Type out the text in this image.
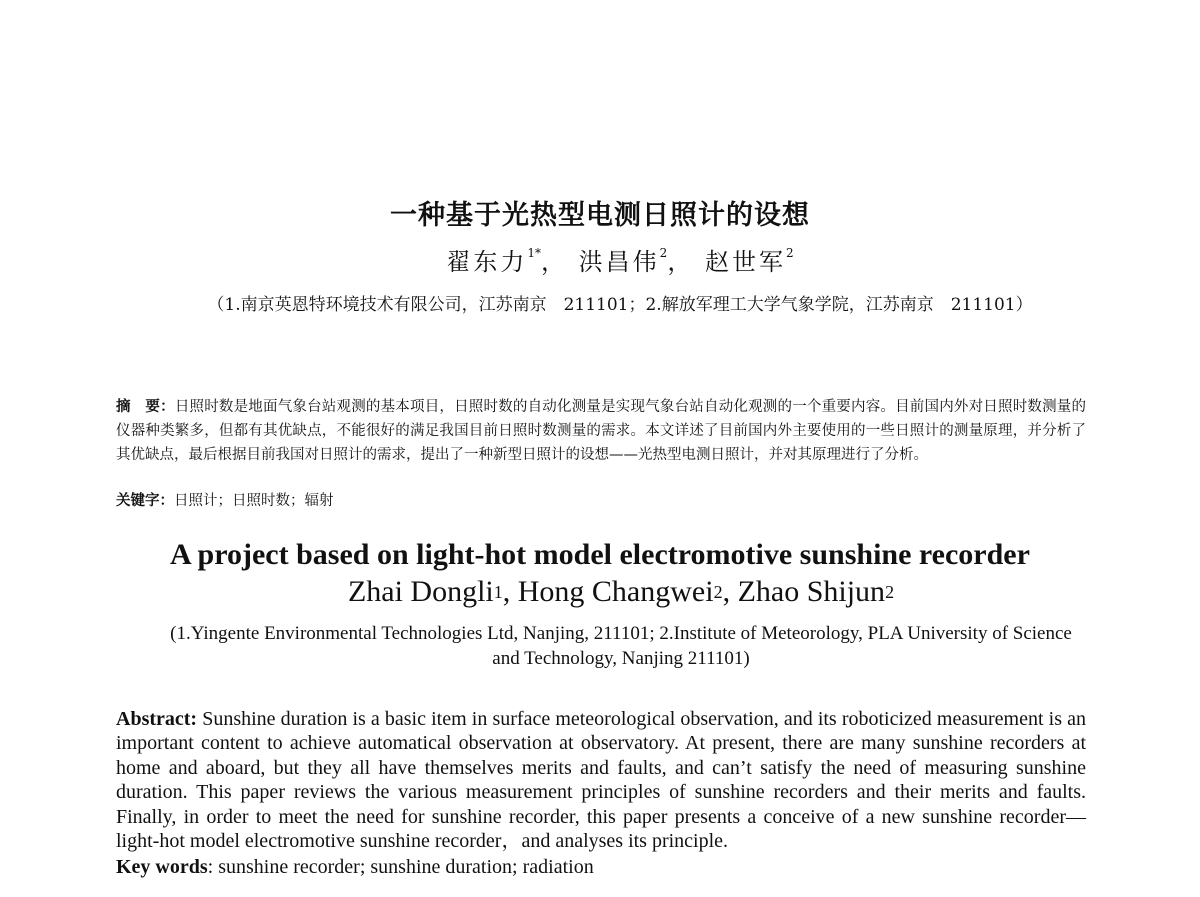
一种基于光热型电测日照计的设想
翟东力$^{1*}$， 洪昌伟$^2$， 赵世军$^2$
（1.南京英恩特环境技术有限公司，江苏南京　211101；2.解放军理工大学气象学院，江苏南京　211101）
摘　要：日照时数是地面气象台站观测的基本项目，日照时数的自动化测量是实现气象台站自动化观测的一个重要内容。目前国内外对日照时数测量的仪器种类繁多，但都有其优缺点，不能很好的满足我国目前日照时数测量的需求。本文详述了目前国内外主要使用的一些日照计的测量原理，并分析了其优缺点，最后根据目前我国对日照计的需求，提出了一种新型日照计的设想——光热型电测日照计，并对其原理进行了分析。
关键字：日照计；日照时数；辐射
A project based on light-hot model electromotive sunshine recorder
Zhai Dongli$^1$, Hong Changwei$^2$, Zhao Shijun$^2$
(1.Yingente Environmental Technologies Ltd, Nanjing, 211101; 2.Institute of Meteorology, PLA University of Science and Technology, Nanjing 211101)
Abstract: Sunshine duration is a basic item in surface meteorological observation, and its roboticized measurement is an important content to achieve automatical observation at observatory. At present, there are many sunshine recorders at home and aboard, but they all have themselves merits and faults, and can’t satisfy the need of measuring sunshine duration. This paper reviews the various measurement principles of sunshine recorders and their merits and faults. Finally, in order to meet the need for sunshine recorder, this paper presents a conceive of a new sunshine recorder—light-hot model electromotive sunshine recorder，and analyses its principle.
Key words: sunshine recorder; sunshine duration; radiation
